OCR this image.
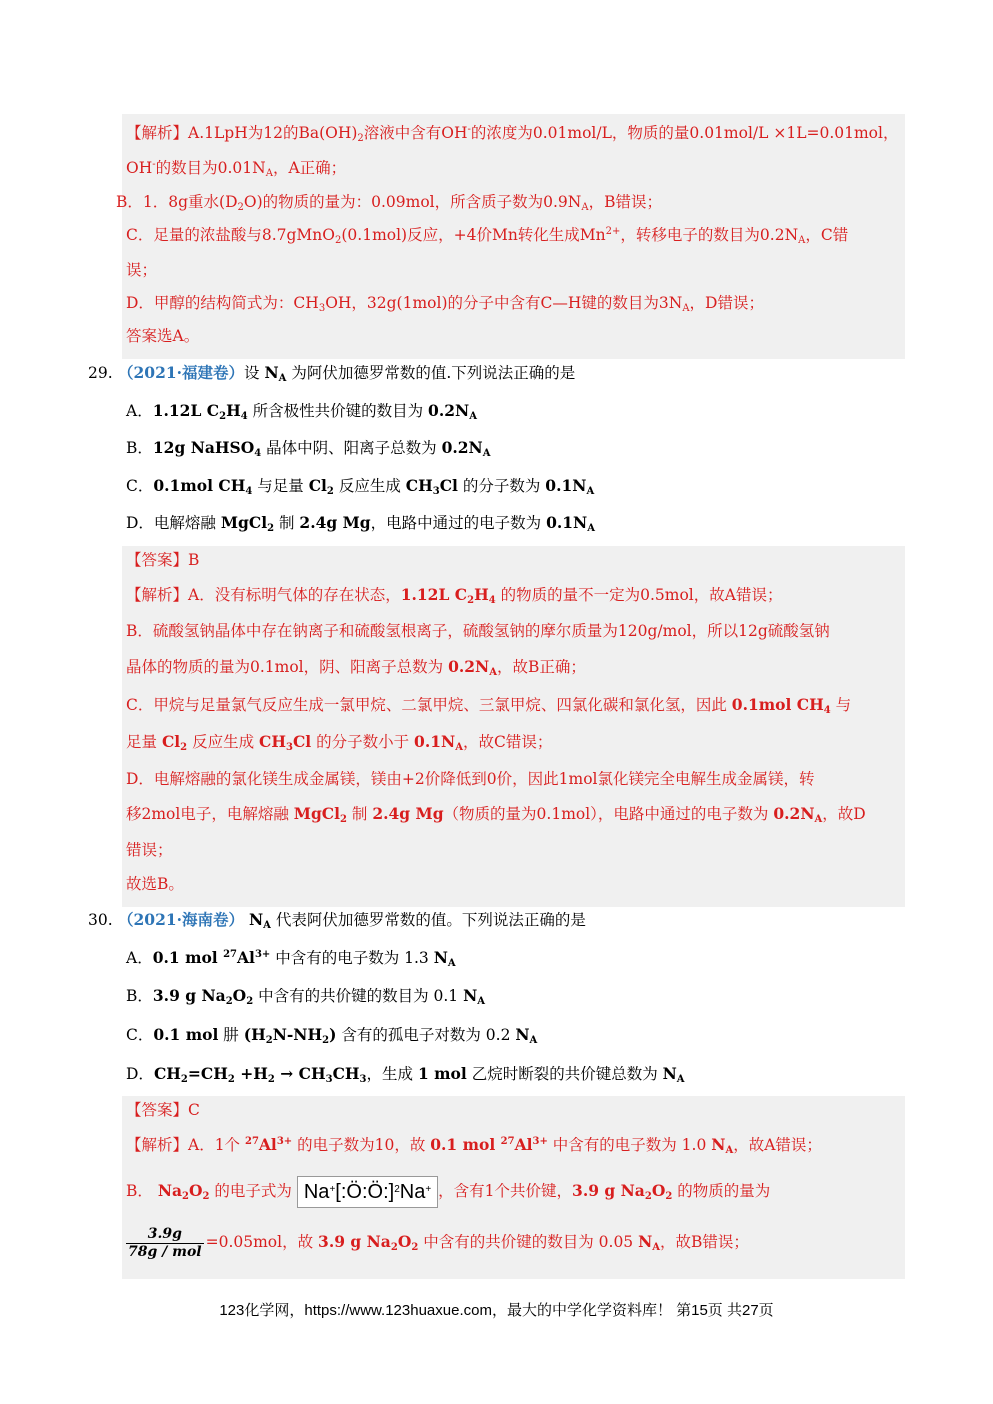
【解析】A.1LpH为12的$Ba(OH)_2$溶液中含有OH-的浓度为0.01mol/L，物质的量0.01mol/L ×1L=0.01mol，
OH-的数目为$0.01N_A$，A正确；
B．1．8g重水$(D_2O)$的物质的量为：0.09mol，所含质子数为$0.9N_A$，B错误；
C．足量的浓盐酸与8.7gMnO$_2$(0.1mol)反应，+4价Mn转化生成$Mn^{2+}$，转移电子的数目为$0.2N_A$，C错
误；
D．甲醇的结构简式为：$CH_3OH$，32g(1mol)的分子中含有C—H键的数目为$3N_A$，D错误；
答案选A。
29. （2021·福建卷）设 $N_A$ 为阿伏加德罗常数的值.下列说法正确的是
A．1.12L $C_2H_4$ 所含极性共价键的数目为 $0.2N_A$
B．12g NaHSO$_4$ 晶体中阴、阳离子总数为 $0.2N_A$
C．0.1mol $CH_4$ 与足量 $Cl_2$ 反应生成 $CH_3Cl$ 的分子数为 $0.1N_A$
D．电解熔融 MgCl$_2$ 制 2.4g Mg，电路中通过的电子数为 $0.1N_A$
【答案】B
【解析】A．没有标明气体的存在状态，1.12L $C_2H_4$ 的物质的量不一定为0.5mol，故A错误；
B．硫酸氢钠晶体中存在钠离子和硫酸氢根离子，硫酸氢钠的摩尔质量为120g/mol，所以12g硫酸氢钠
晶体的物质的量为0.1mol，阴、阳离子总数为 $0.2N_A$，故B正确；
C．甲烷与足量氯气反应生成一氯甲烷、二氯甲烷、三氯甲烷、四氯化碳和氯化氢，因此 0.1mol $CH_4$ 与
足量 $Cl_2$ 反应生成 $CH_3Cl$ 的分子数小于 $0.1N_A$，故C错误；
D．电解熔融的氯化镁生成金属镁，镁由+2价降低到0价，因此1mol氯化镁完全电解生成金属镁，转
移2mol电子，电解熔融 MgCl$_2$ 制 2.4g Mg（物质的量为0.1mol），电路中通过的电子数为 $0.2N_A$，故D
错误；
故选B。
30. （2021·海南卷） $N_A$ 代表阿伏加德罗常数的值。下列说法正确的是
A．0.1 mol $^{27}Al^{3+}$ 中含有的电子数为 1.3 $N_A$
B．3.9 g $Na_2O_2$ 中含有的共价键的数目为 0.1 $N_A$
C．0.1 mol 肼 $(H_2N-NH_2)$ 含有的孤电子对数为 0.2 $N_A$
D．$CH_2=CH_2 +H_2 \to CH_3CH_3$，生成 1 mol 乙烷时断裂的共价键总数为 $N_A$
【答案】C
【解析】A．1个 $^{27}Al^{3+}$ 的电子数为10，故 0.1 mol $^{27}Al^{3+}$ 中含有的电子数为 1.0 $N_A$，故A错误；
B． $Na_2O_2$ 的电子式为 Na+[:Ö:Ö:]$^2$Na+ ，含有1个共价键，3.9 g $Na_2O_2$ 的物质的量为
$\frac{3.9g}{\text{78g / mol}} =0.05mol$，故 3.9 g $Na_2O_2$ 中含有的共价键的数目为 0.05 $N_A$，故B错误；
123化学网，https://www.123huaxue.com，最大的中学化学资料库！ 第15页 共27页
